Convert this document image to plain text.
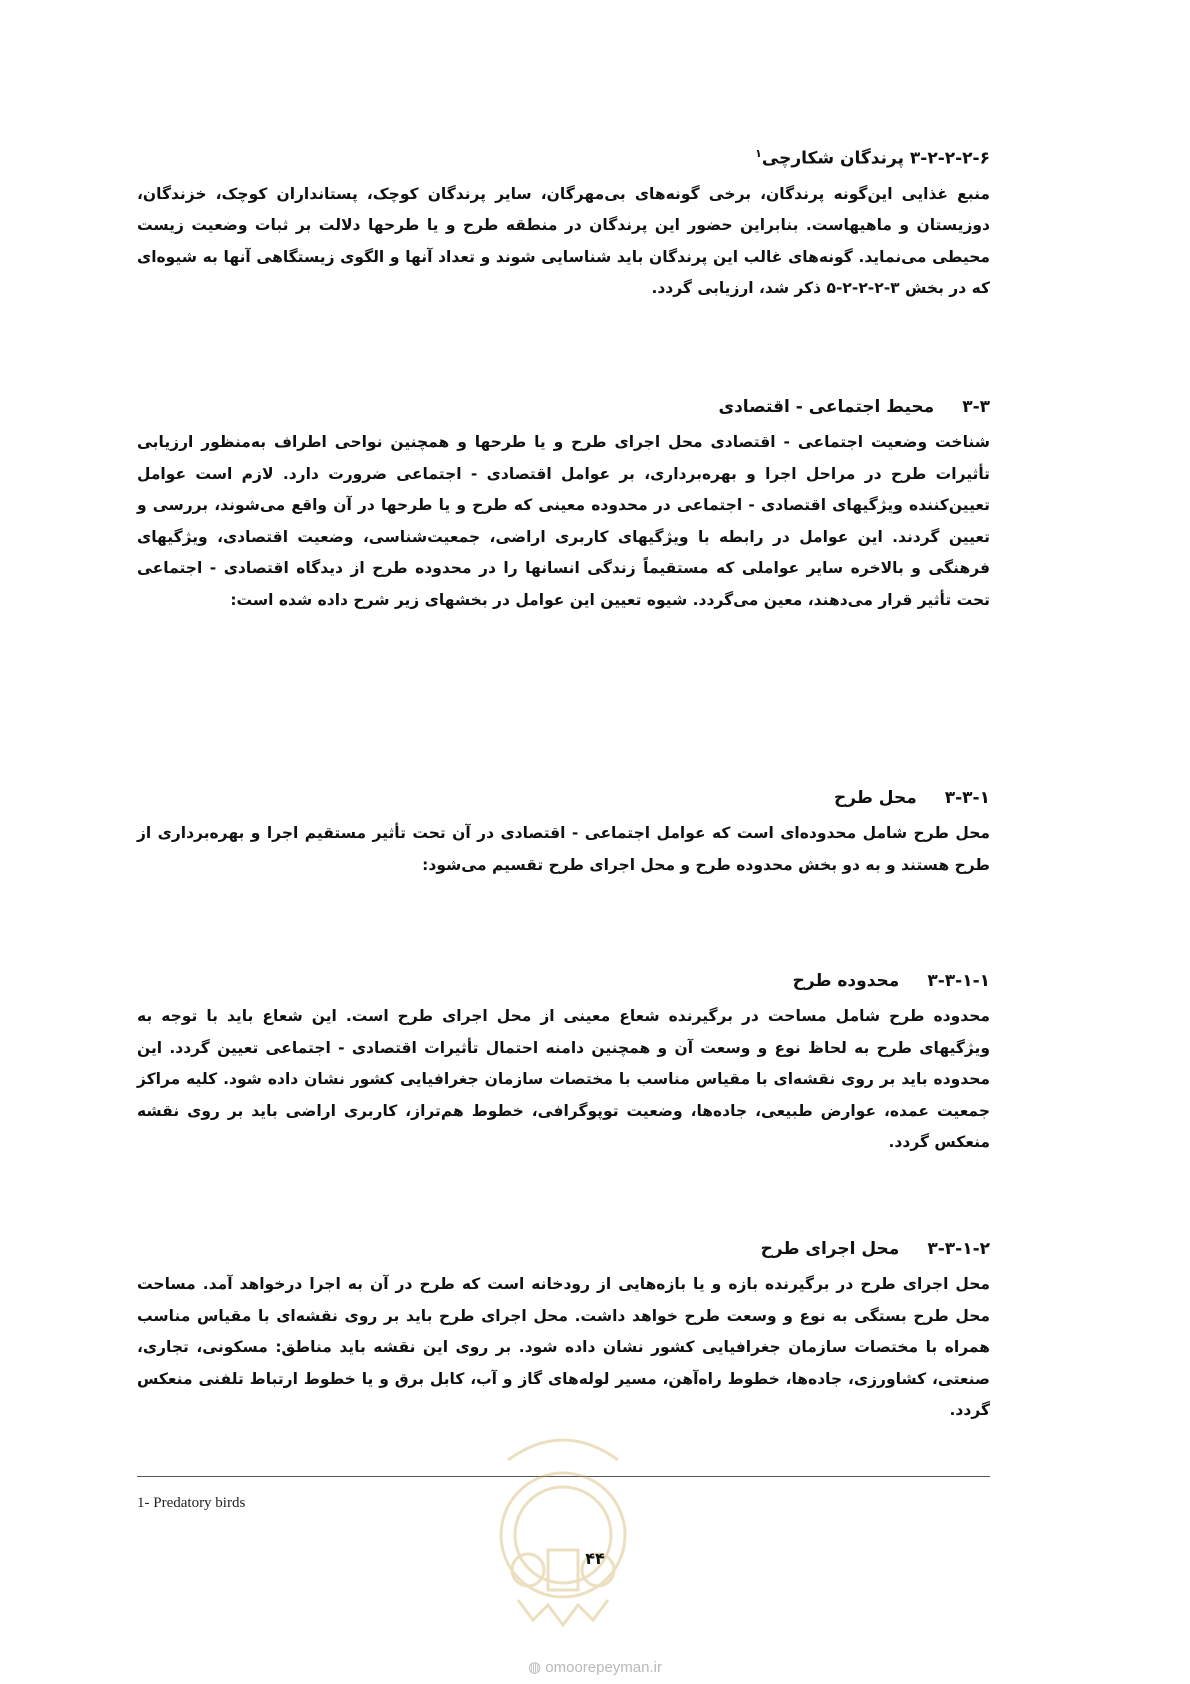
۳-۲-۲-۲-۶ پرندگان شکارچی$^۱$

منبع غذایی این‌گونه پرندگان، برخی گونه‌های بی‌مهرگان، سایر پرندگان کوچک، پستانداران کوچک، خزندگان، دوزیستان و ماهیهاست. بنابراین حضور این پرندگان در منطقه طرح و یا طرحها دلالت بر ثبات وضعیت زیست محیطی می‌نماید. گونه‌های غالب این پرندگان باید شناسایی شوند و تعداد آنها و الگوی زیستگاهی آنها به شیوه‌ای که در بخش ۳-۲-۲-۲-۵ ذکر شد، ارزیابی گردد.

۳-۳محیط اجتماعی - اقتصادی

شناخت وضعیت اجتماعی - اقتصادی محل اجرای طرح و یا طرحها و همچنین نواحی اطراف به‌منظور ارزیابی تأثیرات طرح در مراحل اجرا و بهره‌برداری، بر عوامل اقتصادی - اجتماعی ضرورت دارد. لازم است عوامل تعیین‌کننده ویژگیهای اقتصادی - اجتماعی در محدوده معینی که طرح و یا طرحها در آن واقع می‌شوند، بررسی و تعیین گردند. این عوامل در رابطه با ویژگیهای کاربری اراضی، جمعیت‌شناسی، وضعیت اقتصادی، ویژگیهای فرهنگی و بالاخره سایر عواملی که مستقیماً زندگی انسانها را در محدوده طرح از دیدگاه اقتصادی - اجتماعی تحت تأثیر قرار می‌دهند، معین می‌گردد. شیوه تعیین این عوامل در بخشهای زیر شرح داده شده است:

۳-۳-۱محل طرح

محل طرح شامل محدوده‌ای است که عوامل اجتماعی - اقتصادی در آن تحت تأثیر مستقیم اجرا و بهره‌برداری از طرح هستند و به دو بخش محدوده طرح و محل اجرای طرح تقسیم می‌شود:

۳-۳-۱-۱محدوده طرح

محدوده طرح شامل مساحت در برگیرنده شعاع معینی از محل اجرای طرح است. این شعاع باید با توجه به ویژگیهای طرح به لحاظ نوع و وسعت آن و همچنین دامنه احتمال تأثیرات اقتصادی - اجتماعی تعیین گردد. این محدوده باید بر روی نقشه‌ای با مقیاس مناسب با مختصات سازمان جغرافیایی کشور نشان داده شود. کلیه مراکز جمعیت عمده، عوارض طبیعی، جاده‌ها، وضعیت توپوگرافی، خطوط هم‌تراز، کاربری اراضی باید بر روی نقشه منعکس گردد.

۳-۳-۱-۲محل اجرای طرح

محل اجرای طرح در برگیرنده بازه و یا بازه‌هایی از رودخانه است که طرح در آن به اجرا درخواهد آمد. مساحت محل طرح بستگی به نوع و وسعت طرح خواهد داشت. محل اجرای طرح باید بر روی نقشه‌ای با مقیاس مناسب همراه با مختصات سازمان جغرافیایی کشور نشان داده شود. بر روی این نقشه باید مناطق: مسکونی، تجاری، صنعتی، کشاورزی، جاده‌ها، خطوط راه‌آهن، مسیر لوله‌های گاز و آب، کابل برق و یا خطوط ارتباط تلفنی منعکس گردد.

1- Predatory birds
۴۴
◍ omoorepeyman.ir
